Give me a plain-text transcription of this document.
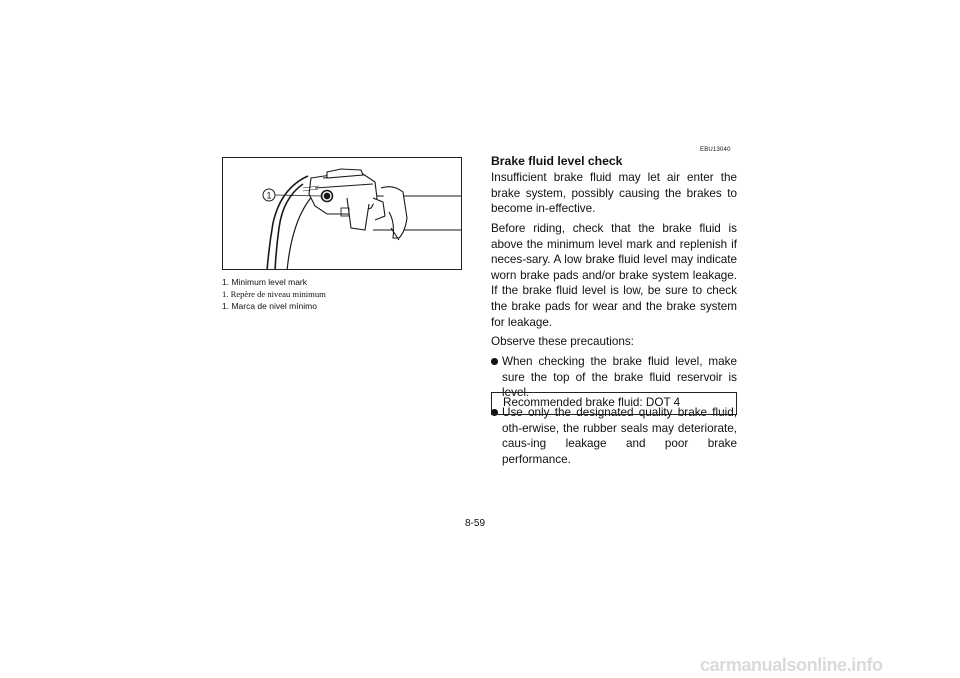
1
1. Minimum level mark
1. Repère de niveau minimum
1. Marca de nivel mínimo
EBU13040
Brake fluid level check

Insufficient brake fluid may let air enter the brake system, possibly causing the brakes to become in-effective.

Before riding, check that the brake fluid is above the minimum level mark and replenish if neces-sary. A low brake fluid level may indicate worn brake pads and/or brake system leakage. If the brake fluid level is low, be sure to check the brake pads for wear and the brake system for leakage.

Observe these precautions:

When checking the brake fluid level, make sure the top of the brake fluid reservoir is level.
Use only the designated quality brake fluid, oth-erwise, the rubber seals may deteriorate, caus-ing leakage and poor brake performance.
Recommended brake fluid: DOT 4
8-59
carmanualsonline.info
